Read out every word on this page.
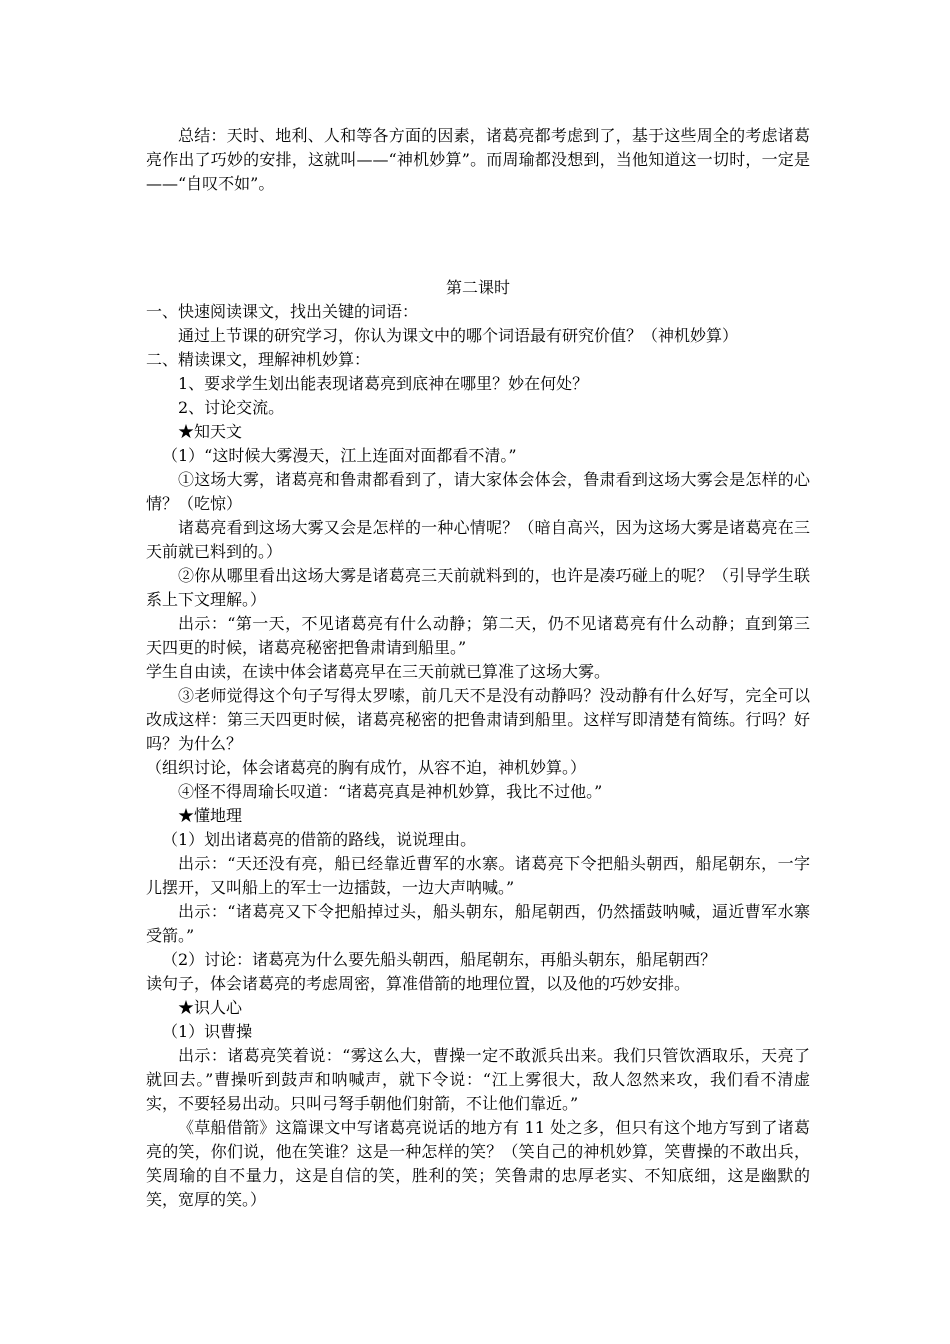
总结：天时、地利、人和等各方面的因素，诸葛亮都考虑到了，基于这些周全的考虑诸葛亮作出了巧妙的安排，这就叫——“神机妙算”。而周瑜都没想到，当他知道这一切时，一定是——“自叹不如”。

第二课时

一、快速阅读课文，找出关键的词语：

通过上节课的研究学习，你认为课文中的哪个词语最有研究价值？（神机妙算）

二、精读课文，理解神机妙算：

1、要求学生划出能表现诸葛亮到底神在哪里？妙在何处？

2、讨论交流。

★知天文

（1）“这时候大雾漫天，江上连面对面都看不清。”

①这场大雾，诸葛亮和鲁肃都看到了，请大家体会体会，鲁肃看到这场大雾会是怎样的心情？（吃惊）

诸葛亮看到这场大雾又会是怎样的一种心情呢？（暗自高兴，因为这场大雾是诸葛亮在三天前就已料到的。）

②你从哪里看出这场大雾是诸葛亮三天前就料到的，也许是凑巧碰上的呢？（引导学生联系上下文理解。）

出示：“第一天，不见诸葛亮有什么动静；第二天，仍不见诸葛亮有什么动静；直到第三天四更的时候，诸葛亮秘密把鲁肃请到船里。”

学生自由读，在读中体会诸葛亮早在三天前就已算准了这场大雾。

③老师觉得这个句子写得太罗嗦，前几天不是没有动静吗？没动静有什么好写，完全可以改成这样：第三天四更时候，诸葛亮秘密的把鲁肃请到船里。这样写即清楚有简练。行吗？好吗？为什么？

（组织讨论，体会诸葛亮的胸有成竹，从容不迫，神机妙算。）

④怪不得周瑜长叹道：“诸葛亮真是神机妙算，我比不过他。”

★懂地理

（1）划出诸葛亮的借箭的路线，说说理由。

出示：“天还没有亮，船已经靠近曹军的水寨。诸葛亮下令把船头朝西，船尾朝东，一字儿摆开，又叫船上的军士一边擂鼓，一边大声呐喊。”

出示：“诸葛亮又下令把船掉过头，船头朝东，船尾朝西，仍然擂鼓呐喊，逼近曹军水寨受箭。”

（2）讨论：诸葛亮为什么要先船头朝西，船尾朝东，再船头朝东，船尾朝西？

读句子，体会诸葛亮的考虑周密，算准借箭的地理位置，以及他的巧妙安排。

★识人心

（1）识曹操

出示：诸葛亮笑着说：“雾这么大，曹操一定不敢派兵出来。我们只管饮酒取乐，天亮了就回去。”曹操听到鼓声和呐喊声，就下令说：“江上雾很大，敌人忽然来攻，我们看不清虚实，不要轻易出动。只叫弓弩手朝他们射箭，不让他们靠近。”

《草船借箭》这篇课文中写诸葛亮说话的地方有 11 处之多，但只有这个地方写到了诸葛亮的笑，你们说，他在笑谁？这是一种怎样的笑？（笑自己的神机妙算，笑曹操的不敢出兵，笑周瑜的自不量力，这是自信的笑，胜利的笑；笑鲁肃的忠厚老实、不知底细，这是幽默的笑，宽厚的笑。）
